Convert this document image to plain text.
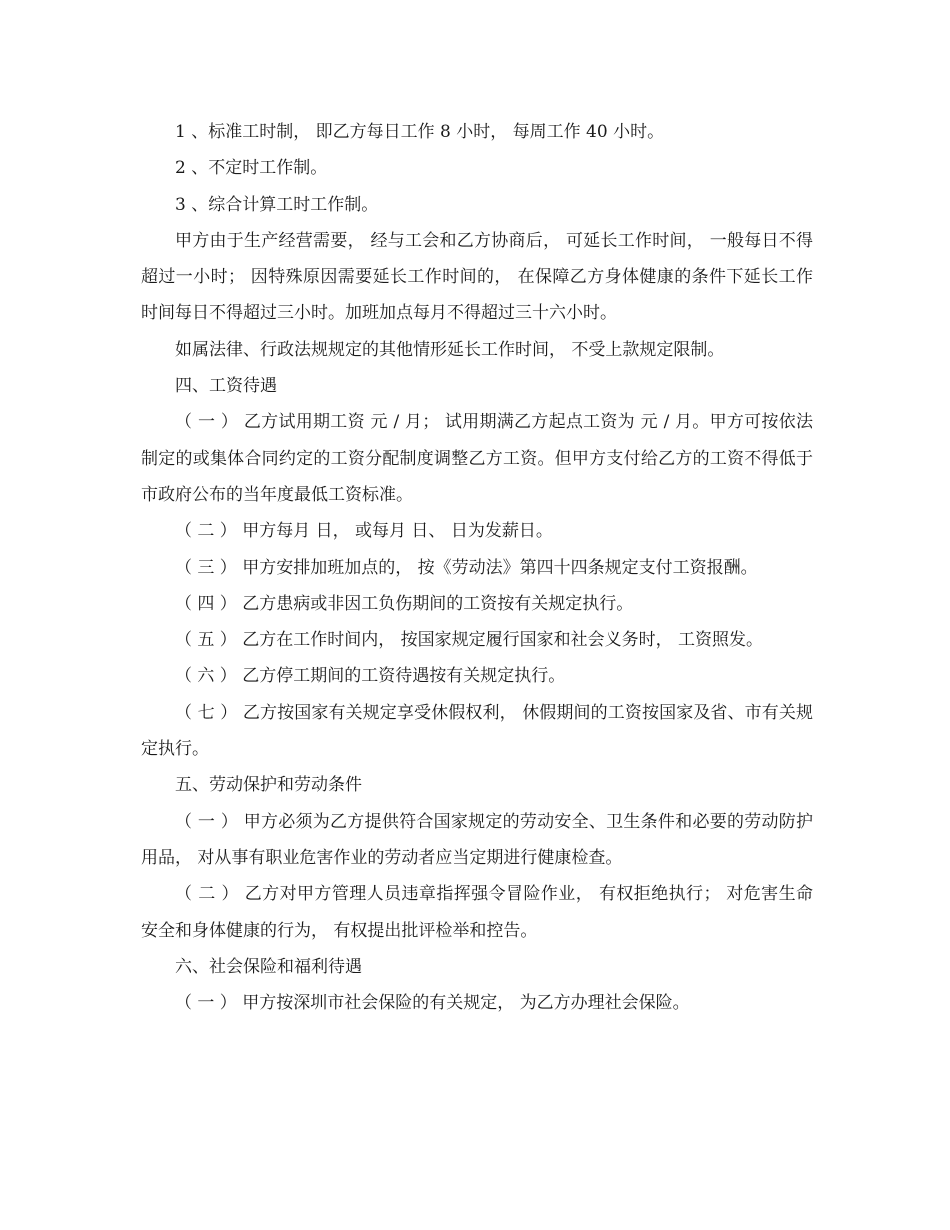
1 、标准工时制， 即乙方每日工作 8 小时， 每周工作 40 小时。

2 、不定时工作制。

3 、综合计算工时工作制。

甲方由于生产经营需要， 经与工会和乙方协商后， 可延长工作时间， 一般每日不得超过一小时； 因特殊原因需要延长工作时间的， 在保障乙方身体健康的条件下延长工作时间每日不得超过三小时。加班加点每月不得超过三十六小时。

如属法律、行政法规规定的其他情形延长工作时间， 不受上款规定限制。

四、工资待遇

（ 一 ） 乙方试用期工资 元 / 月； 试用期满乙方起点工资为 元 / 月。甲方可按依法制定的或集体合同约定的工资分配制度调整乙方工资。但甲方支付给乙方的工资不得低于市政府公布的当年度最低工资标准。

（ 二 ） 甲方每月 日， 或每月 日、 日为发薪日。

（ 三 ） 甲方安排加班加点的， 按《劳动法》第四十四条规定支付工资报酬。

（ 四 ） 乙方患病或非因工负伤期间的工资按有关规定执行。

（ 五 ） 乙方在工作时间内， 按国家规定履行国家和社会义务时， 工资照发。

（ 六 ） 乙方停工期间的工资待遇按有关规定执行。

（ 七 ） 乙方按国家有关规定享受休假权利， 休假期间的工资按国家及省、市有关规定执行。

五、劳动保护和劳动条件

（ 一 ） 甲方必须为乙方提供符合国家规定的劳动安全、卫生条件和必要的劳动防护用品， 对从事有职业危害作业的劳动者应当定期进行健康检查。

（ 二 ） 乙方对甲方管理人员违章指挥强令冒险作业， 有权拒绝执行； 对危害生命安全和身体健康的行为， 有权提出批评检举和控告。

六、社会保险和福利待遇

（ 一 ） 甲方按深圳市社会保险的有关规定， 为乙方办理社会保险。
